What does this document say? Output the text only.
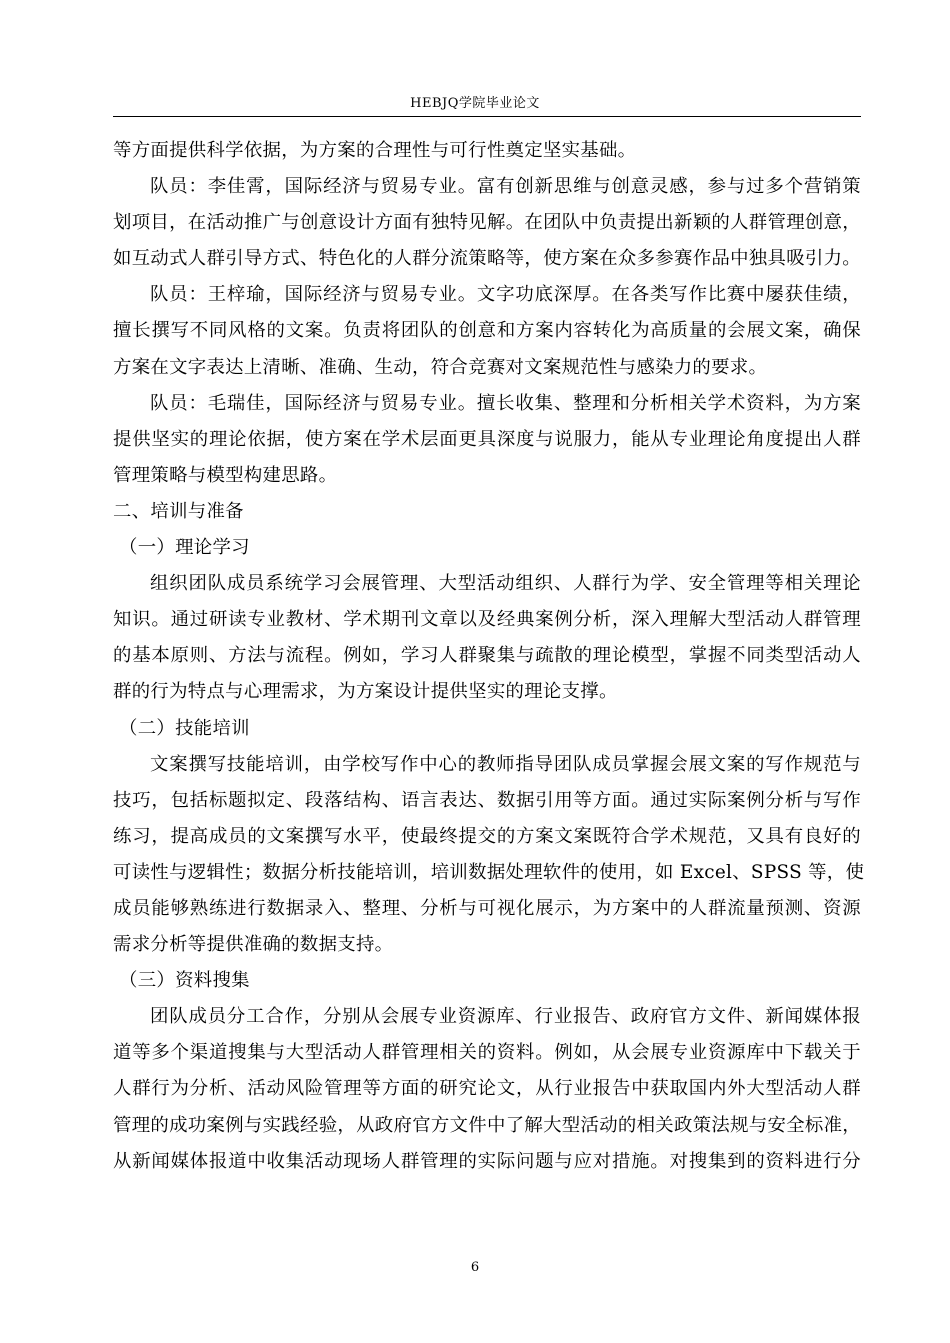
HEBJQ学院毕业论文
等方面提供科学依据，为方案的合理性与可行性奠定坚实基础。
队员：李佳霄，国际经济与贸易专业。富有创新思维与创意灵感，参与过多个营销策
划项目，在活动推广与创意设计方面有独特见解。在团队中负责提出新颖的人群管理创意，
如互动式人群引导方式、特色化的人群分流策略等，使方案在众多参赛作品中独具吸引力。
队员：王梓瑜，国际经济与贸易专业。文字功底深厚。在各类写作比赛中屡获佳绩，
擅长撰写不同风格的文案。负责将团队的创意和方案内容转化为高质量的会展文案，确保
方案在文字表达上清晰、准确、生动，符合竞赛对文案规范性与感染力的要求。
队员：毛瑞佳，国际经济与贸易专业。擅长收集、整理和分析相关学术资料，为方案
提供坚实的理论依据，使方案在学术层面更具深度与说服力，能从专业理论角度提出人群
管理策略与模型构建思路。
二、培训与准备
（一）理论学习
组织团队成员系统学习会展管理、大型活动组织、人群行为学、安全管理等相关理论
知识。通过研读专业教材、学术期刊文章以及经典案例分析，深入理解大型活动人群管理
的基本原则、方法与流程。例如，学习人群聚集与疏散的理论模型，掌握不同类型活动人
群的行为特点与心理需求，为方案设计提供坚实的理论支撑。
（二）技能培训
文案撰写技能培训，由学校写作中心的教师指导团队成员掌握会展文案的写作规范与
技巧，包括标题拟定、段落结构、语言表达、数据引用等方面。通过实际案例分析与写作
练习，提高成员的文案撰写水平，使最终提交的方案文案既符合学术规范，又具有良好的
可读性与逻辑性；数据分析技能培训，培训数据处理软件的使用，如 Excel、SPSS 等，使
成员能够熟练进行数据录入、整理、分析与可视化展示，为方案中的人群流量预测、资源
需求分析等提供准确的数据支持。
（三）资料搜集
团队成员分工合作，分别从会展专业资源库、行业报告、政府官方文件、新闻媒体报
道等多个渠道搜集与大型活动人群管理相关的资料。例如，从会展专业资源库中下载关于
人群行为分析、活动风险管理等方面的研究论文，从行业报告中获取国内外大型活动人群
管理的成功案例与实践经验，从政府官方文件中了解大型活动的相关政策法规与安全标准，
从新闻媒体报道中收集活动现场人群管理的实际问题与应对措施。对搜集到的资料进行分
6
